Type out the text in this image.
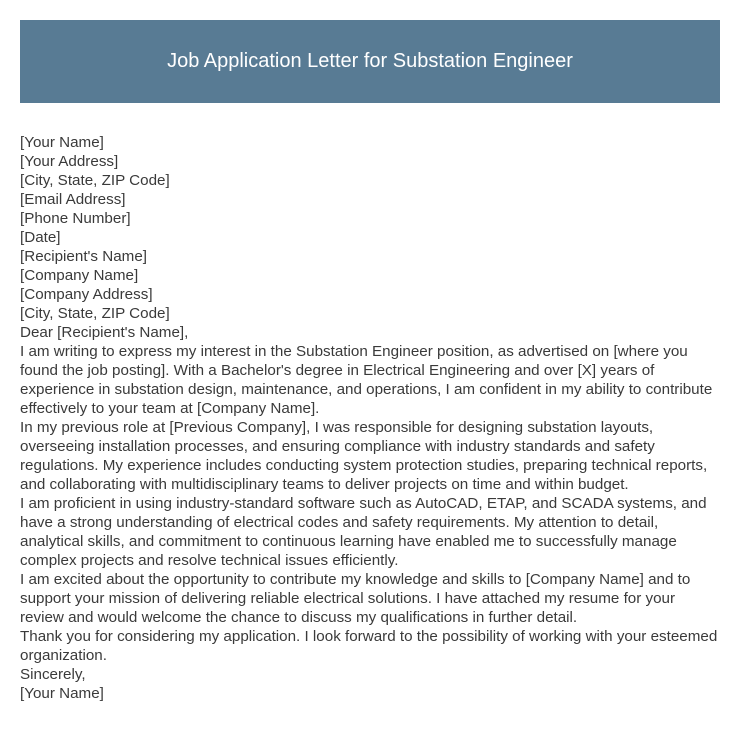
Job Application Letter for Substation Engineer
[Your Name]
[Your Address]
[City, State, ZIP Code]
[Email Address]
[Phone Number]
[Date]
[Recipient's Name]
[Company Name]
[Company Address]
[City, State, ZIP Code]
Dear [Recipient's Name],

I am writing to express my interest in the Substation Engineer position, as advertised on [where you found the job posting]. With a Bachelor's degree in Electrical Engineering and over [X] years of experience in substation design, maintenance, and operations, I am confident in my ability to contribute effectively to your team at [Company Name].

In my previous role at [Previous Company], I was responsible for designing substation layouts, overseeing installation processes, and ensuring compliance with industry standards and safety regulations. My experience includes conducting system protection studies, preparing technical reports, and collaborating with multidisciplinary teams to deliver projects on time and within budget.

I am proficient in using industry-standard software such as AutoCAD, ETAP, and SCADA systems, and have a strong understanding of electrical codes and safety requirements. My attention to detail, analytical skills, and commitment to continuous learning have enabled me to successfully manage complex projects and resolve technical issues efficiently.

I am excited about the opportunity to contribute my knowledge and skills to [Company Name] and to support your mission of delivering reliable electrical solutions. I have attached my resume for your review and would welcome the chance to discuss my qualifications in further detail.

Thank you for considering my application. I look forward to the possibility of working with your esteemed organization.

Sincerely,
[Your Name]
